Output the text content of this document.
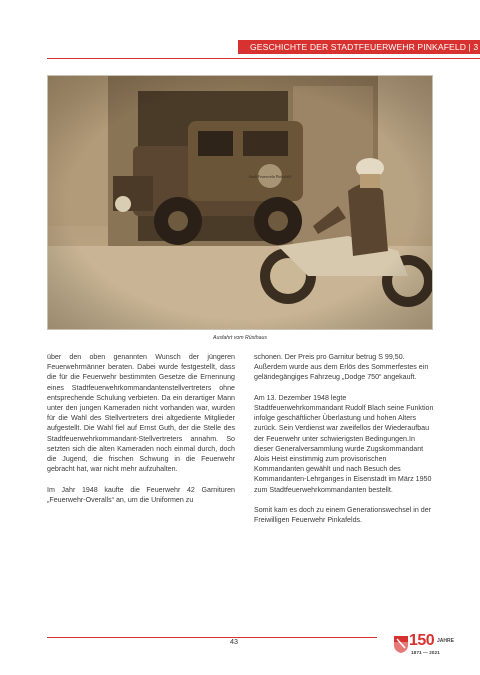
GESCHICHTE DER STADTFEUERWEHR PINKAFELD | 3
Ausfahrt vom Rüsthaus

über den oben genannten Wunsch der jüngeren Feuerwehrmänner beraten. Dabei wurde festgestellt, dass die für die Feuerwehr bestimmten Gesetze die Ernennung eines Stadtfeuerwehrkommandantenstellvertreters ohne entsprechende Schulung verbieten. Da ein derartiger Mann unter den jungen Kameraden nicht vorhanden war, wurden für die Wahl des Stellvertreters drei altgediente Mitglieder aufgestellt. Die Wahl fiel auf Ernst Guth, der die Stelle des Stadtfeuerwehrkommandant-Stellvertreters annahm. So setzten sich die alten Kameraden noch einmal durch, doch die Jugend, die frischen Schwung in die Feuerwehr gebracht hat, war nicht mehr aufzuhalten.

Im Jahr 1948 kaufte die Feuerwehr 42 Garnituren „Feuerwehr-Overalls“ an, um die Uniformen zu

schonen. Der Preis pro Garnitur betrug S 99,50. Außerdem wurde aus dem Erlös des Sommerfestes ein geländegängiges Fahrzeug „Dodge 750“ angekauft.

Am 13. Dezember 1948 legte Stadtfeuerwehrkommandant Rudolf Blach seine Funktion infolge geschäftlicher Überlastung und hohen Alters zurück. Sein Verdienst war zweifellos der Wiederaufbau der Feuerwehr unter schwierigsten Bedingungen.In dieser Generalversammlung wurde Zugskommandant Alois Heist einstimmig zum provisorischen Kommandanten gewählt und nach Besuch des Kommandanten-Lehrganges in Eisenstadt im März 1950 zum Stadtfeuerwehrkommandanten bestellt.

Somit kam es doch zu einem Generationswechsel in der Freiwilligen Feuerwehr Pinkafelds.

43	150 JAHRE
1871 — 2021
